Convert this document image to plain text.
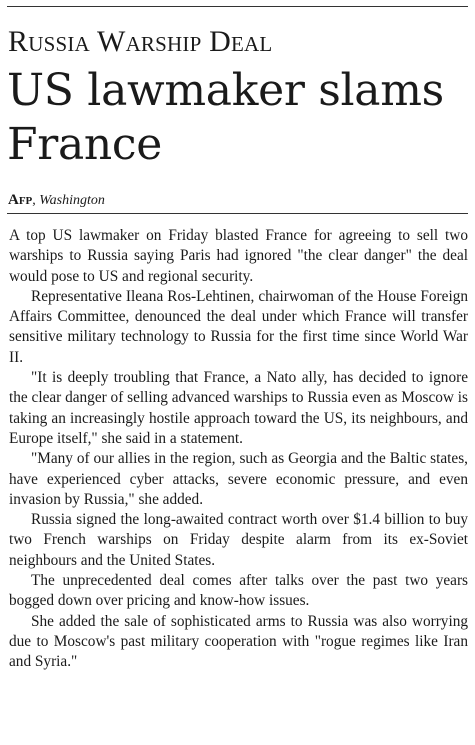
Russia Warship Deal
US lawmaker slams France
Afp, Washington

A top US lawmaker on Friday blasted France for agreeing to sell two warships to Russia saying Paris had ignored "the clear danger" the deal would pose to US and regional security.

Representative Ileana Ros-Lehtinen, chairwoman of the House Foreign Affairs Committee, denounced the deal under which France will transfer sensitive military technology to Russia for the first time since World War II.

"It is deeply troubling that France, a Nato ally, has decided to ignore the clear danger of selling advanced warships to Russia even as Moscow is taking an increasingly hostile approach toward the US, its neighbours, and Europe itself," she said in a statement.

"Many of our allies in the region, such as Georgia and the Baltic states, have experienced cyber attacks, severe economic pressure, and even invasion by Russia," she added.

Russia signed the long-awaited contract worth over $1.4 billion to buy two French warships on Friday despite alarm from its ex-Soviet neighbours and the United States.

The unprecedented deal comes after talks over the past two years bogged down over pricing and know-how issues.

She added the sale of sophisticated arms to Russia was also worrying due to Moscow's past military cooperation with "rogue regimes like Iran and Syria."
